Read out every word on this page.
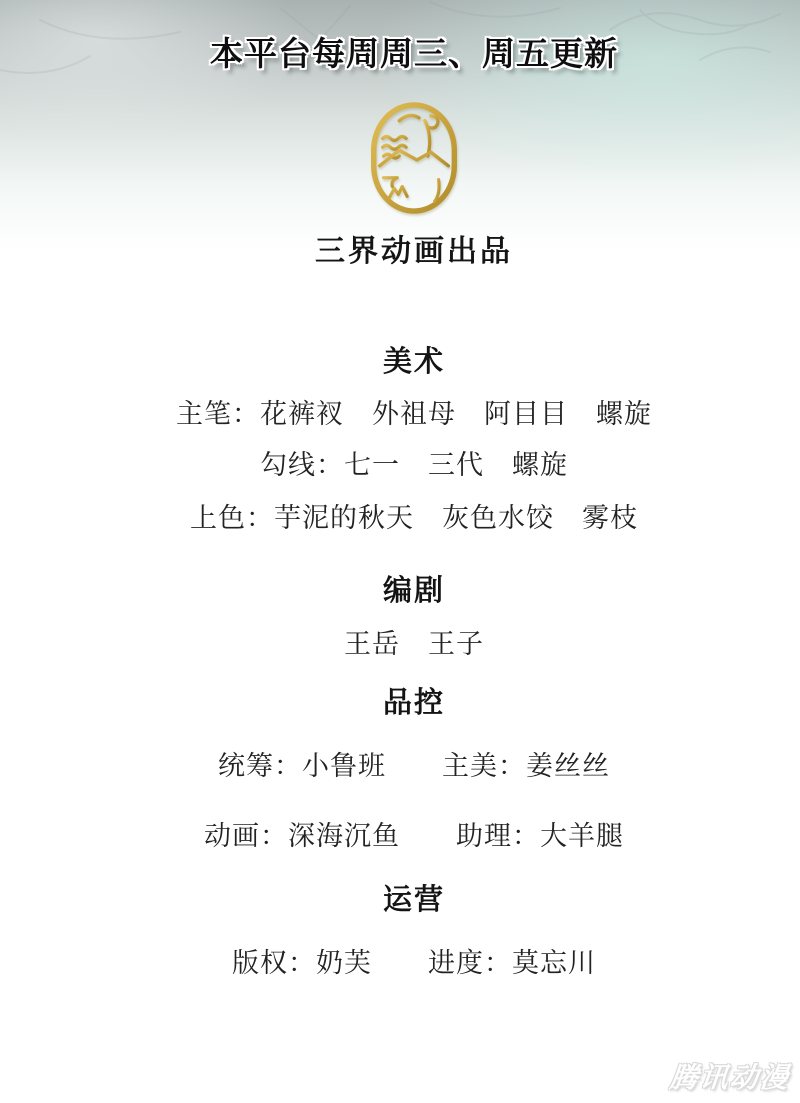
本平台每周周三、周五更新
三界动画出品
美术
主笔：花裤衩　外祖母　阿目目　螺旋
勾线：七一　三代　螺旋
上色：芋泥的秋天　灰色水饺　雾枝
编剧
王岳　王子
品控
统筹：小鲁班　　主美：姜丝丝
动画：深海沉鱼　　助理：大羊腿
运营
版权：奶芙　　进度：莫忘川
腾讯动漫
